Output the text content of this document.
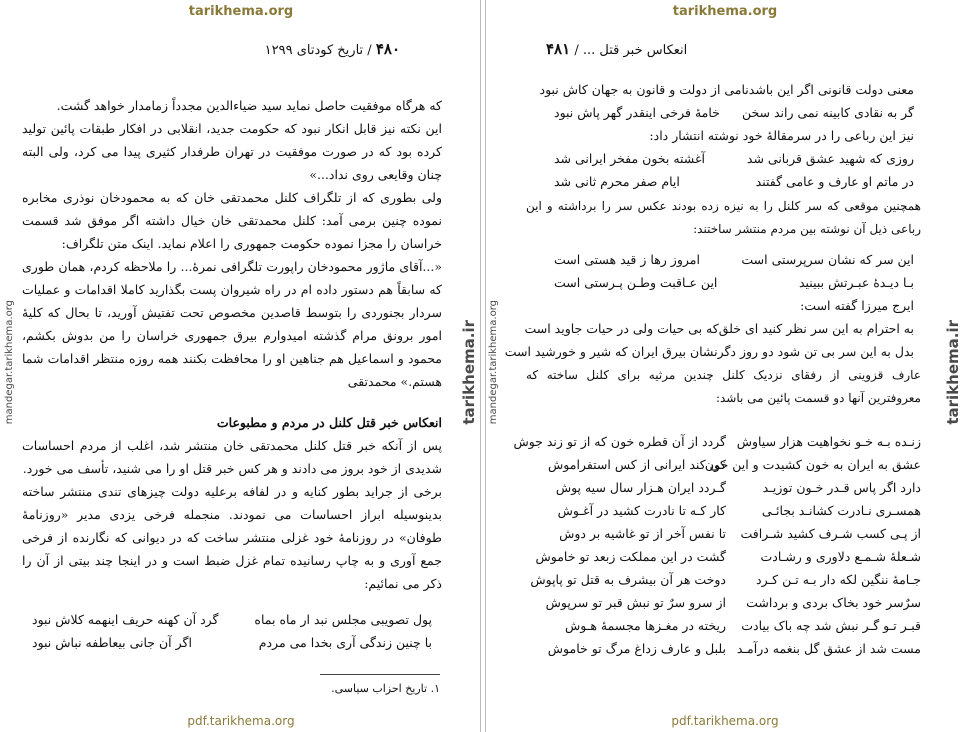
tarikhema.org
۴۸۰ / تاریخ کودتای ۱۲۹۹
mandegar.tarikhema.org	tarikhema.ir

که هرگاه موفقیت حاصل نماید سید ضیاءالدین مجدداً زمامدار خواهد گشت.

این نکته نیز قابل انکار نبود که حکومت جدید، انقلابی در افکار طبقات پائین تولید کرده بود که در صورت موفقیت در تهران طرفدار کثیری پیدا می کرد، ولی البته چنان وقایعی روی نداد...»

ولی بطوری که از تلگراف کلنل محمدتقی خان که به محمودخان نوذری مخابره نموده چنین برمی آمد: کلنل محمدتقی خان خیال داشته اگر موفق شد قسمت خراسان را مجزا نموده حکومت جمهوری را اعلام نماید. اینک متن تلگراف:

«...آقای ماژور محمودخان راپورت تلگرافی نمرهٔ... را ملاحظه کردم، همان طوری که سابقاً هم دستور داده ام در راه شیروان پست بگذارید کاملا اقدامات و عملیات سردار بجنوردی را بتوسط قاصدین مخصوص تحت تفتیش آورید، تا بحال که کلیهٔ امور برونق مرام گذشته امیدوارم بیرق جمهوری خراسان را من بدوش بکشم، محمود و اسماعیل هم جناهین او را محافظت بکنند همه روزه منتظر اقدامات شما هستم.» محمدتقی

انعکاس خبر قتل کلنل در مردم و مطبوعات

پس از آنکه خبر قتل کلنل محمدتقی خان منتشر شد، اغلب از مردم احساسات شدیدی از خود بروز می دادند و هر کس خبر قتل او را می شنید، تأسف می خورد.

برخی از جراید بطور کنایه و در لفافه برعلیه دولت چیزهای تندی منتشر ساخته بدینوسیله ابراز احساسات می نمودند. منجمله فرخی یزدی مدیر «روزنامهٔ طوفان» در روزنامهٔ خود غزلی منتشر ساخت که در دیوانی که نگارنده از فرخی جمع آوری و به چاپ رسانیده تمام غزل ضبط است و در اینجا چند بیتی از آن را ذکر می نمائیم:

پول تصویبی مجلس نبد ار ماه بماه
گرد آن کهنه حریف اینهمه کلاش نبود
با چنین زندگی آری بخدا می مردم
اگر آن جانی بیعاطفه نباش نبود
۱. تاریخ احزاب سیاسی.
pdf.tarikhema.org
tarikhema.org
انعکاس خبر قتل ... / ۴۸۱
mandegar.tarikhema.org	tarikhema.ir
معنی دولت قانونی اگر این باشد
نامی از دولت و قانون به جهان کاش نبود
گر به نقادی کابینه نمی راند سخن
خامهٔ فرخی اینقدر گهر پاش نبود
نیز این رباعی را در سرمقالهٔ خود نوشته انتشار داد:
روزی که شهید عشق قربانی شد
آغشته بخون مفخر ایرانی شد
در ماتم او عارف و عامی گفتند
ایام صفر محرم ثانی شد
همچنین موقعی که سر کلنل را به نیزه زده بودند عکس سر را برداشته و این رباعی ذیل آن نوشته بین مردم منتشر ساختند:
این سر که نشان سرپرستی است
امروز رها ز قید هستی است
بـا دیـدهٔ عبـرتش ببینید
این عـاقبت وطـن پـرستی است
ایرج میرزا گفته است:
به احترام به این سر نظر کنید ای خلق
که بی حیات ولی در حیات جاوید است
بدل به این سر بی تن شود دو روز دگر
نشان بیرق ایران که شیر و خورشید است
عارف قزوینی از رفقای نزدیک کلنل چندین مرثیه برای کلنل ساخته که معروفترین آنها دو قسمت پائین می باشد:
زنـده بـه خـو نخواهیت هزار سیاوش
عشق به ایران به خون کشیدت و این خون
دارد اگر پاس قـدر خـون توزیـد
همسـری نـادرت کشانـد بجائـی
از پـی کسب شـرف کشید شـرافت
شـعلهٔ شـمـع دلاوری و رشـادت
جـامهٔ ننگین لکه دار بـه تـن کـرد
سرٌسر خود بخاک بردی و برداشت
قبـر تـو گـر نبش شد چه باک بیادت
مست شد از عشق گل بنغمه درآمـد
گردد از آن قطره خون که از تو زند جوش
کی کند ایرانی از کس استفراموش
گـردد ایران هـزار سال سیه پوش
کار کـه تا نادرت کشید در آغـوش
تا نفس آخر از تو غاشیه بر دوش
گشت در این مملکت زبعد تو خاموش
دوخت هر آن بیشرف به قتل تو پاپوش
از سرو سرٌ تو نبش قبر تو سرپوش
ریخته در مغـزها مجسمهٔ هـوش
بلبل و عارف زداغ مرگ تو خاموش
pdf.tarikhema.org
